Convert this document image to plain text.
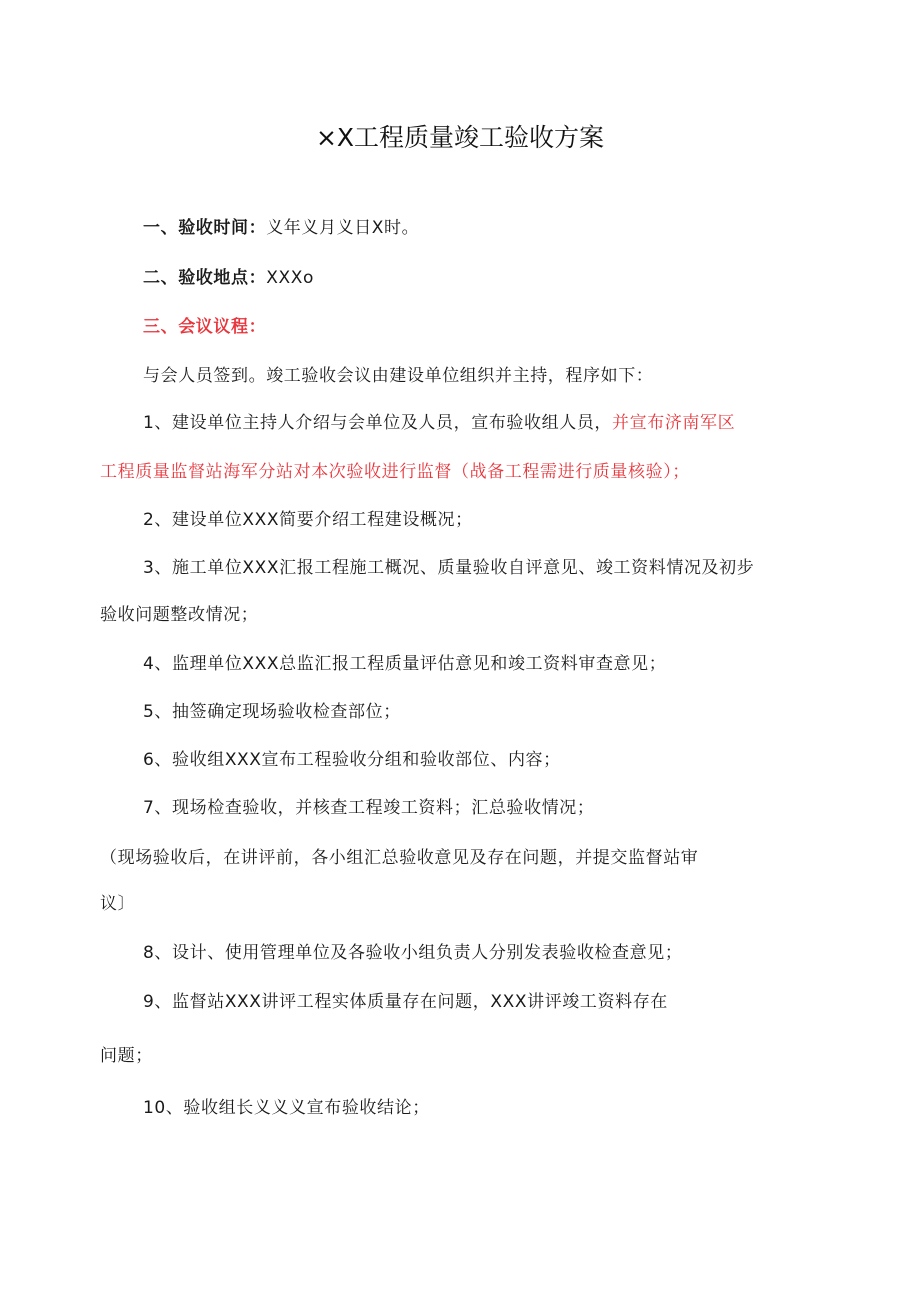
×X工程质量竣工验收方案
一、验收时间：义年义月义日X时。
二、验收地点：XXXo
三、会议议程：
与会人员签到。竣工验收会议由建设单位组织并主持，程序如下：
1、建设单位主持人介绍与会单位及人员，宣布验收组人员，并宣布济南军区
工程质量监督站海军分站对本次验收进行监督（战备工程需进行质量核验）；
2、建设单位XXX简要介绍工程建设概况；
3、施工单位XXX汇报工程施工概况、质量验收自评意见、竣工资料情况及初步
验收问题整改情况；
4、监理单位XXX总监汇报工程质量评估意见和竣工资料审查意见；
5、抽签确定现场验收检查部位；
6、验收组XXX宣布工程验收分组和验收部位、内容；
7、现场检查验收，并核查工程竣工资料；汇总验收情况；
（现场验收后，在讲评前，各小组汇总验收意见及存在问题，并提交监督站审
议〕
8、设计、使用管理单位及各验收小组负责人分别发表验收检查意见；
9、监督站XXX讲评工程实体质量存在问题，XXX讲评竣工资料存在
问题；
10、验收组长义义义宣布验收结论；
